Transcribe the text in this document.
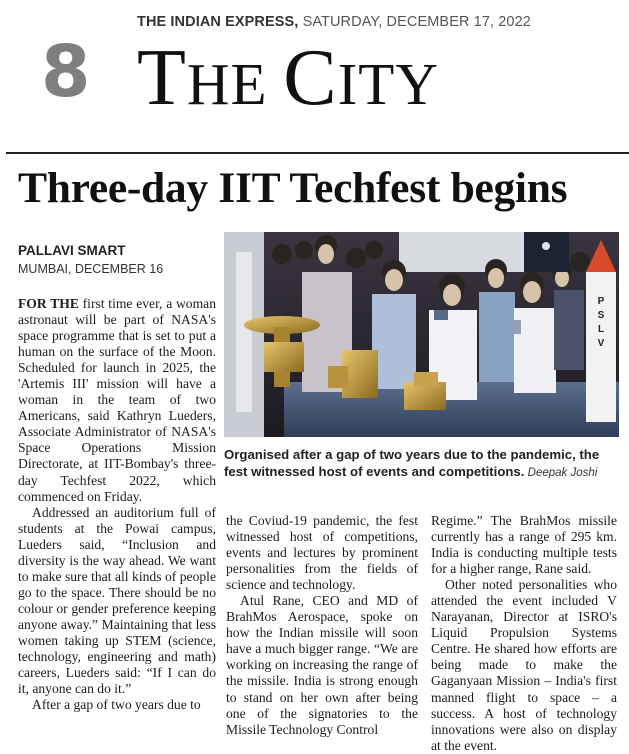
8
THE INDIAN EXPRESS, SATURDAY, DECEMBER 17, 2022
THE CITY
Three-day IIT Techfest begins
PALLAVI SMART
MUMBAI, DECEMBER 16

FOR THE first time ever, a woman astronaut will be part of NASA's space programme that is set to put a human on the surface of the Moon. Scheduled for launch in 2025, the 'Artemis III' mission will have a woman in the team of two Americans, said Kathryn Lueders, Associate Administrator of NASA's Space Operations Mission Directorate, at IIT-Bombay's three-day Techfest 2022, which commenced on Friday.

Addressed an auditorium full of students at the Powai campus, Lueders said, “Inclusion and diversity is the way ahead. We want to make sure that all kinds of people go to the space. There should be no colour or gender preference keeping anyone away.” Maintaining that less women taking up STEM (science, technology, engineering and math) careers, Lueders said: “If I can do it, anyone can do it.”

After a gap of two years due to

P
S
L
V
Organised after a gap of two years due to the pandemic, the fest witnessed host of events and competitions. Deepak Joshi

the Coviud-19 pandemic, the fest witnessed host of competitions, events and lectures by prominent personalities from the fields of science and technology.

Atul Rane, CEO and MD of BrahMos Aerospace, spoke on how the Indian missile will soon have a much bigger range. “We are working on increasing the range of the missile. India is strong enough to stand on her own after being one of the signatories to the Missile Technology Control

Regime.” The BrahMos missile currently has a range of 295 km. India is conducting multiple tests for a higher range, Rane said.

Other noted personalities who attended the event included V Narayanan, Director at ISRO's Liquid Propulsion Systems Centre. He shared how efforts are being made to make the Gaganyaan Mission – India's first manned flight to space – a success. A host of technology innovations were also on display at the event.
